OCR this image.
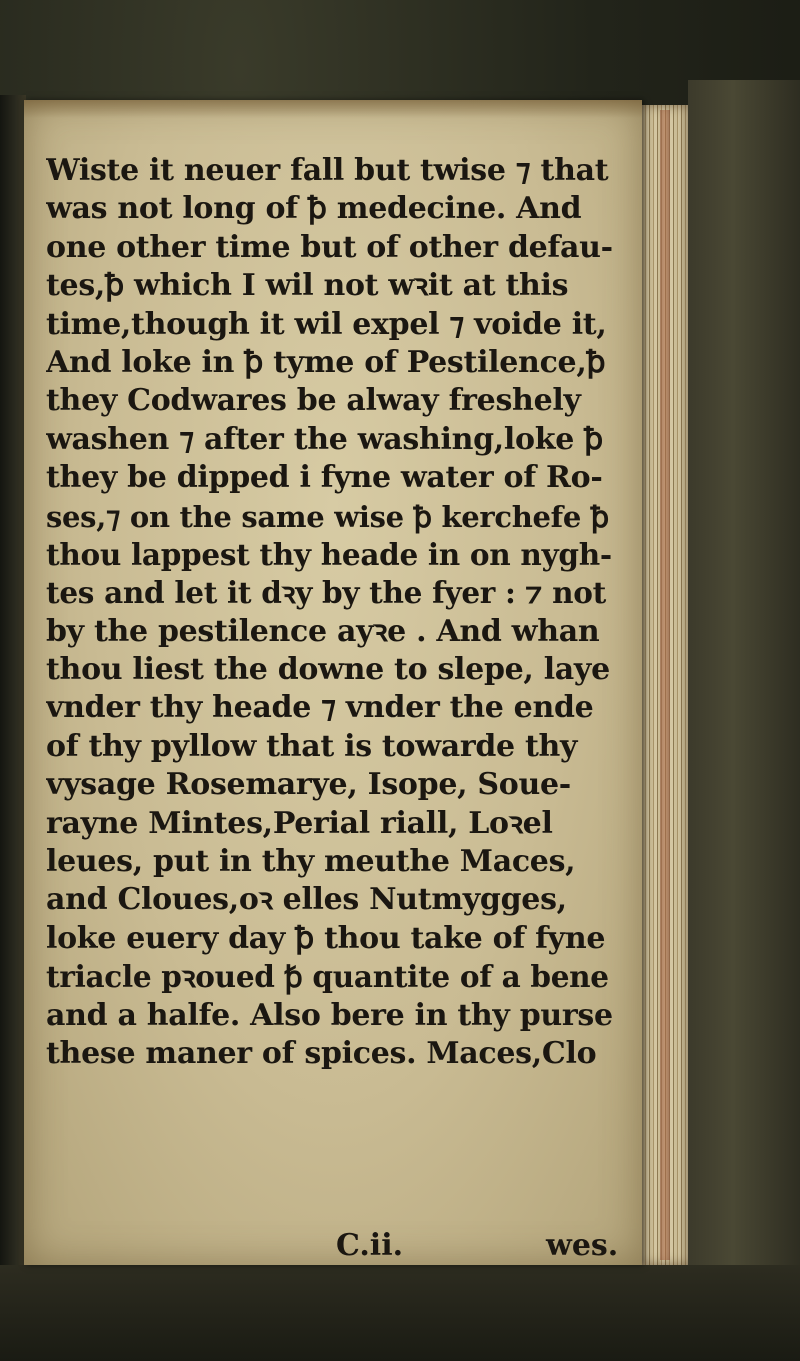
Wiste it neuer fall but twise ⁊ that
was not long of ꝥ medecine. And
one other time but of other defau-
tes,ꝥ which I wil not wꝛit at this
time,though it wil expel ⁊ voide it,
And loke in ꝥ tyme of Pestilence,ꝥ
they Codwares be alway freshely
washen ⁊ after the washing,loke ꝥ
they be dipped i fyne water of Ro-
ses,⁊ on the same wise ꝥ kerchefe ꝥ
thou lappest thy heade in on nygh-
tes and let it dꝛy by the fyer : ⁊ not
by the pestilence ayꝛe . And whan
thou liest the downe to slepe, laye
vnder thy heade ⁊ vnder the ende
of thy pyllow that is towarde thy
vysage Rosemarye, Isope, Soue-
rayne Mintes,Perial riall, Loꝛel
leues, put in thy meuthe Maces,
and Cloues,oꝛ elles Nutmygges,
loke euery day ꝥ thou take of fyne
triacle pꝛoued ꝥ quantite of a bene
and a halfe. Also bere in thy purse
these maner of spices. Maces,Clo
C.ii.	wes.
